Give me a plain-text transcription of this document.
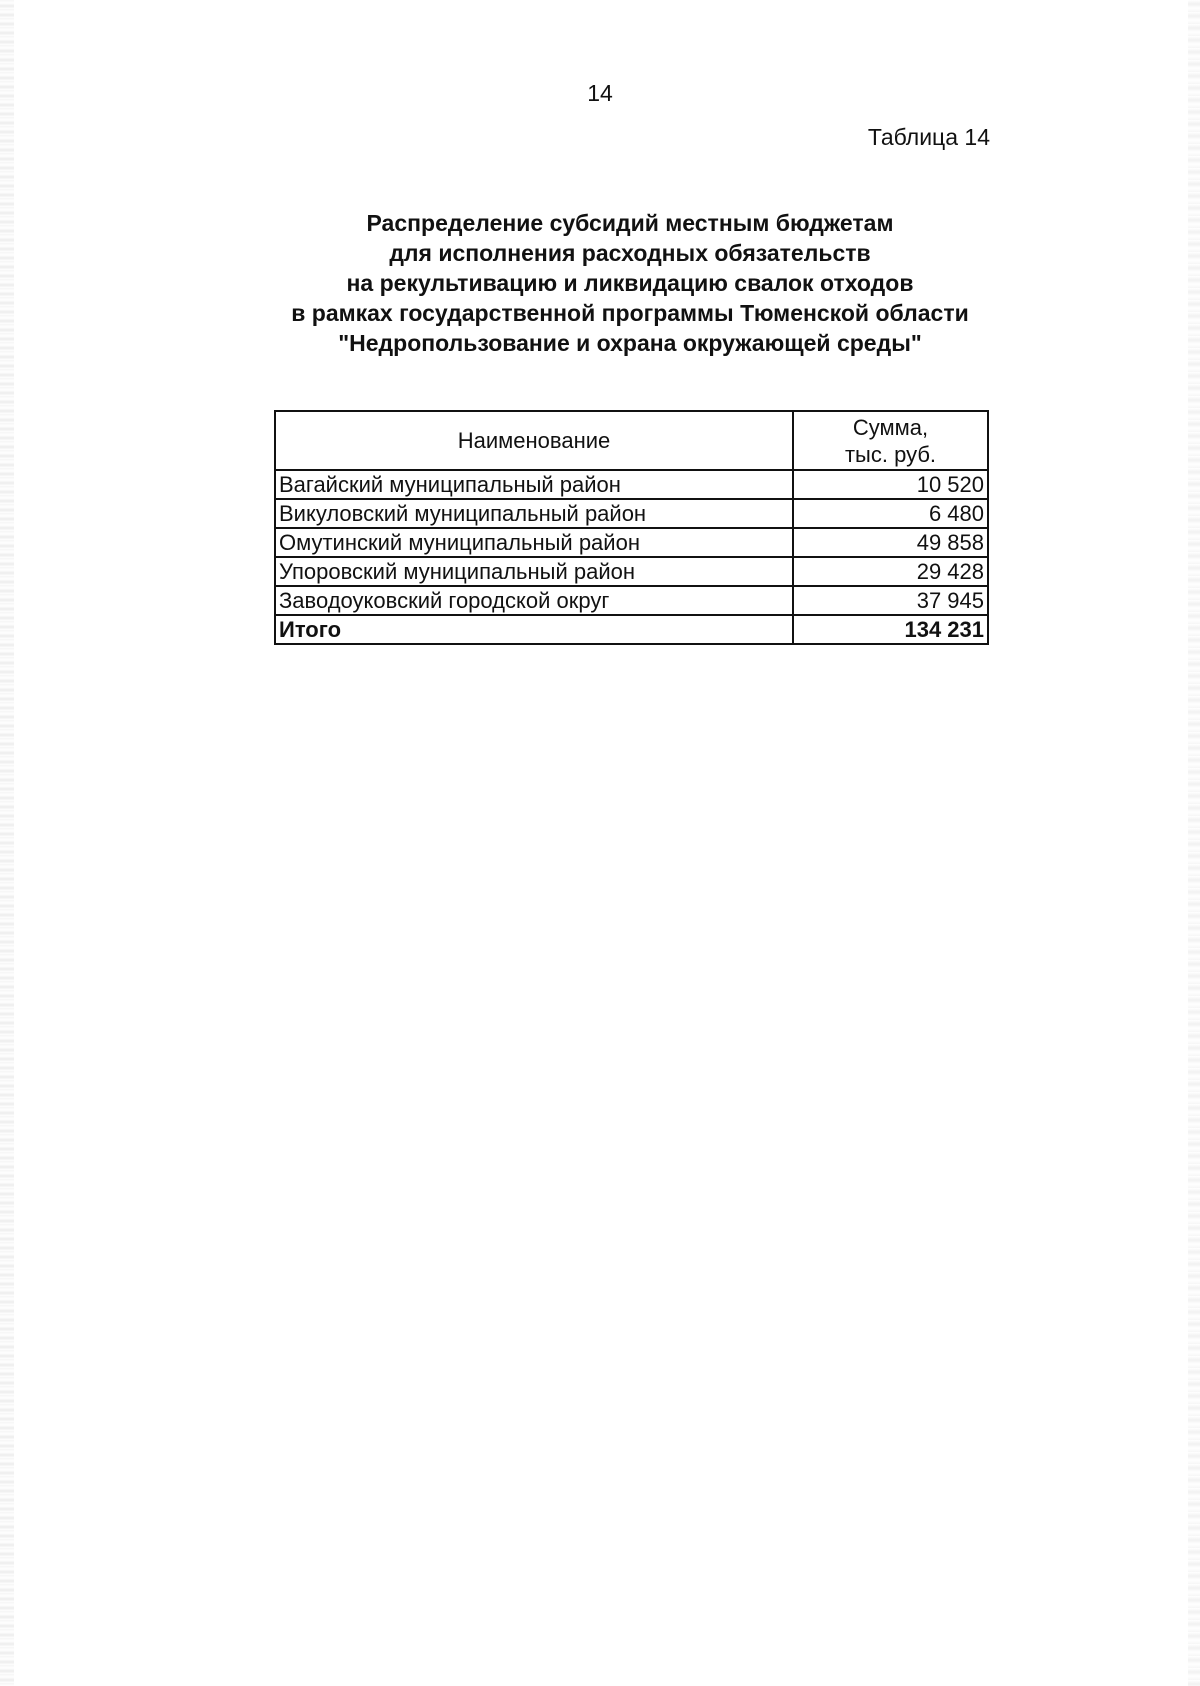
14
Таблица 14
Распределение субсидий местным бюджетам
для исполнения расходных обязательств
на рекультивацию и ликвидацию свалок отходов
в рамках государственной программы Тюменской области
"Недропользование и охрана окружающей среды"
Наименование	Сумма,
тыс. руб.

Вагайский муниципальный район	10 520
Викуловский муниципальный район	6 480
Омутинский муниципальный район	49 858
Упоровский муниципальный район	29 428
Заводоуковский городской округ	37 945
Итого	134 231
